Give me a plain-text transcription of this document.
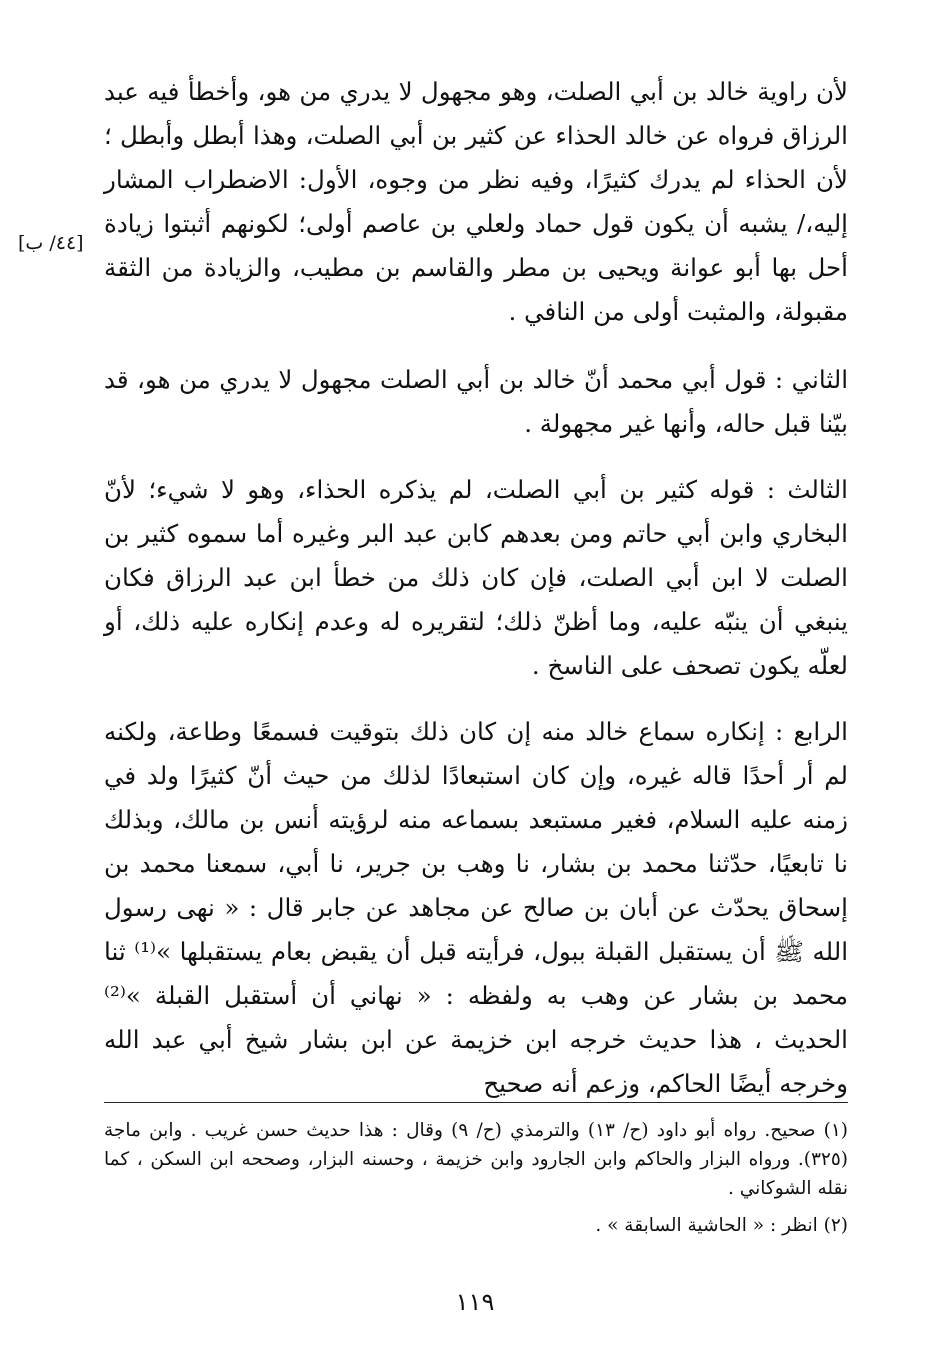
[٤٤/ ب]

لأن راوية خالد بن أبي الصلت، وهو مجهول لا يدري من هو، وأخطأ فيه عبد الرزاق فرواه عن خالد الحذاء عن كثير بن أبي الصلت، وهذا أبطل وأبطل ؛ لأن الحذاء لم يدرك كثيرًا، وفيه نظر من وجوه، الأول: الاضطراب المشار إليه،/ يشبه أن يكون قول حماد ولعلي بن عاصم أولى؛ لكونهم أثبتوا زيادة أحل بها أبو عوانة ويحيى بن مطر والقاسم بن مطيب، والزيادة من الثقة مقبولة، والمثبت أولى من النافي .

الثاني : قول أبي محمد أنّ خالد بن أبي الصلت مجهول لا يدري من هو، قد بيّنا قبل حاله، وأنها غير مجهولة .

الثالث : قوله كثير بن أبي الصلت، لم يذكره الحذاء، وهو لا شيء؛ لأنّ البخاري وابن أبي حاتم ومن بعدهم كابن عبد البر وغيره أما سموه كثير بن الصلت لا ابن أبي الصلت، فإن كان ذلك من خطأ ابن عبد الرزاق فكان ينبغي أن ينبّه عليه، وما أظنّ ذلك؛ لتقريره له وعدم إنكاره عليه ذلك، أو لعلّه يكون تصحف على الناسخ .

الرابع : إنكاره سماع خالد منه إن كان ذلك بتوقيت فسمعًا وطاعة، ولكنه لم أر أحدًا قاله غيره، وإن كان استبعادًا لذلك من حيث أنّ كثيرًا ولد في زمنه عليه السلام، فغير مستبعد بسماعه منه لرؤيته أنس بن مالك، وبذلك نا تابعيًا، حدّثنا محمد بن بشار، نا وهب بن جرير، نا أبي، سمعنا محمد بن إسحاق يحدّث عن أبان بن صالح عن مجاهد عن جابر قال : « نهى رسول الله ﷺ أن يستقبل القبلة ببول، فرأيته قبل أن يقبض بعام يستقبلها »⁽¹⁾ ثنا محمد بن بشار عن وهب به ولفظه : « نهاني أن أستقبل القبلة »⁽²⁾ الحديث ، هذا حديث خرجه ابن خزيمة عن ابن بشار شيخ أبي عبد الله وخرجه أيضًا الحاكم، وزعم أنه صحيح

(١) صحيح. رواه أبو داود (ح/ ١٣) والترمذي (ح/ ٩) وقال : هذا حديث حسن غريب . وابن ماجة (٣٢٥). ورواه البزار والحاكم وابن الجارود وابن خزيمة ، وحسنه البزار، وصححه ابن السكن ، كما نقله الشوكاني .

(٢) انظر : « الحاشية السابقة » .

١١٩
